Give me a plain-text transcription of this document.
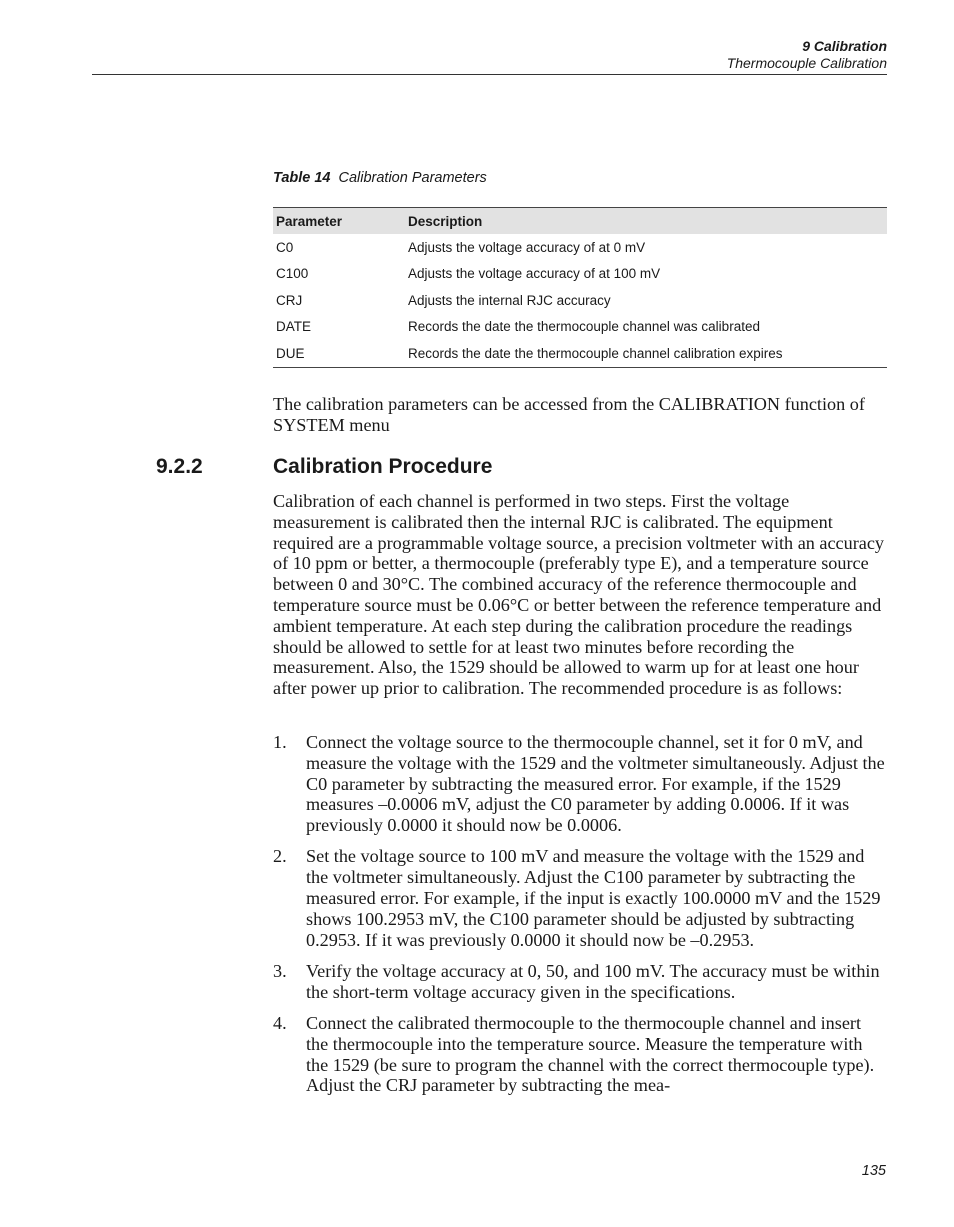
9 Calibration
Thermocouple Calibration
Table 14 Calibration Parameters
Parameter	Description
C0	Adjusts the voltage accuracy of at 0 mV
C100	Adjusts the voltage accuracy of at 100 mV
CRJ	Adjusts the internal RJC accuracy
DATE	Records the date the thermocouple channel was calibrated
DUE	Records the date the thermocouple channel calibration expires

The calibration parameters can be accessed from the CALIBRATION function of SYSTEM menu

9.2.2	Calibration Procedure

Calibration of each channel is performed in two steps. First the voltage measurement is calibrated then the internal RJC is calibrated. The equipment required are a programmable voltage source, a precision voltmeter with an accuracy of 10 ppm or better, a thermocouple (preferably type E), and a temperature source between 0 and 30°C. The combined accuracy of the reference thermocouple and temperature source must be 0.06°C or better between the reference temperature and ambient temperature. At each step during the calibration procedure the readings should be allowed to settle for at least two minutes before recording the measurement. Also, the 1529 should be allowed to warm up for at least one hour after power up prior to calibration. The recommended procedure is as follows:

1. Connect the voltage source to the thermocouple channel, set it for 0 mV, and measure the voltage with the 1529 and the voltmeter simultaneously. Adjust the C0 parameter by subtracting the measured error. For example, if the 1529 measures –0.0006 mV, adjust the C0 parameter by adding 0.0006. If it was previously 0.0000 it should now be 0.0006.
2. Set the voltage source to 100 mV and measure the voltage with the 1529 and the voltmeter simultaneously. Adjust the C100 parameter by subtracting the measured error. For example, if the input is exactly 100.0000 mV and the 1529 shows 100.2953 mV, the C100 parameter should be adjusted by subtracting 0.2953. If it was previously 0.0000 it should now be –0.2953.
3. Verify the voltage accuracy at 0, 50, and 100 mV. The accuracy must be within the short-term voltage accuracy given in the specifications.
4. Connect the calibrated thermocouple to the thermocouple channel and insert the thermocouple into the temperature source. Measure the temperature with the 1529 (be sure to program the channel with the correct thermocouple type). Adjust the CRJ parameter by subtracting the mea-
135
